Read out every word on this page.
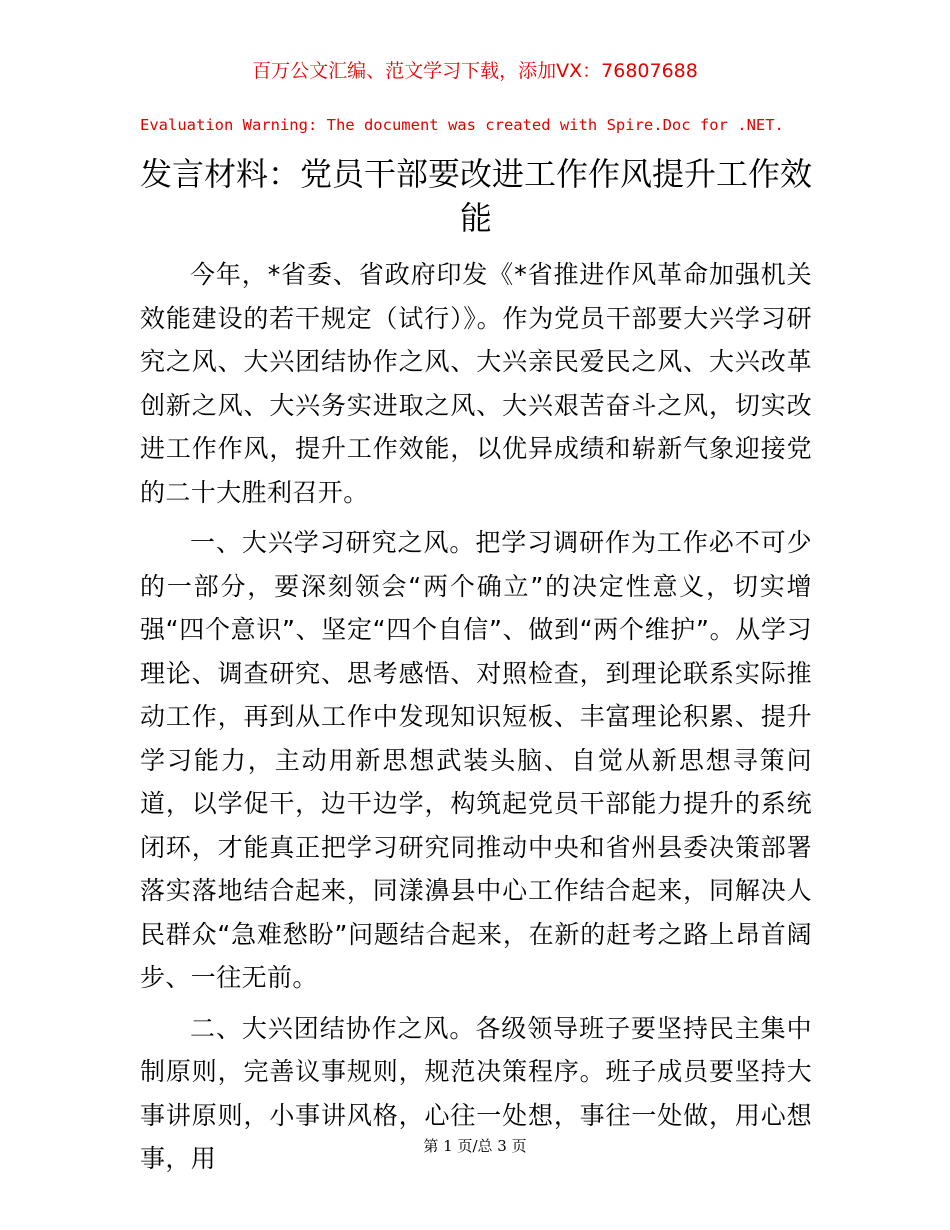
百万公文汇编、范文学习下载，添加VX：76807688
Evaluation Warning: The document was created with Spire.Doc for .NET.
发言材料：党员干部要改进工作作风提升工作效能

今年，*省委、省政府印发《*省推进作风革命加强机关效能建设的若干规定（试行）》。作为党员干部要大兴学习研究之风、大兴团结协作之风、大兴亲民爱民之风、大兴改革创新之风、大兴务实进取之风、大兴艰苦奋斗之风，切实改进工作作风，提升工作效能，以优异成绩和崭新气象迎接党的二十大胜利召开。

一、大兴学习研究之风。把学习调研作为工作必不可少的一部分，要深刻领会“两个确立”的决定性意义，切实增强“四个意识”、坚定“四个自信”、做到“两个维护”。从学习理论、调查研究、思考感悟、对照检查，到理论联系实际推动工作，再到从工作中发现知识短板、丰富理论积累、提升学习能力，主动用新思想武装头脑、自觉从新思想寻策问道，以学促干，边干边学，构筑起党员干部能力提升的系统闭环，才能真正把学习研究同推动中央和省州县委决策部署落实落地结合起来，同漾濞县中心工作结合起来，同解决人民群众“急难愁盼”问题结合起来，在新的赶考之路上昂首阔步、一往无前。

二、大兴团结协作之风。各级领导班子要坚持民主集中制原则，完善议事规则，规范决策程序。班子成员要坚持大事讲原则，小事讲风格，心往一处想，事往一处做，用心想事，用	第 1 页/总 3 页
